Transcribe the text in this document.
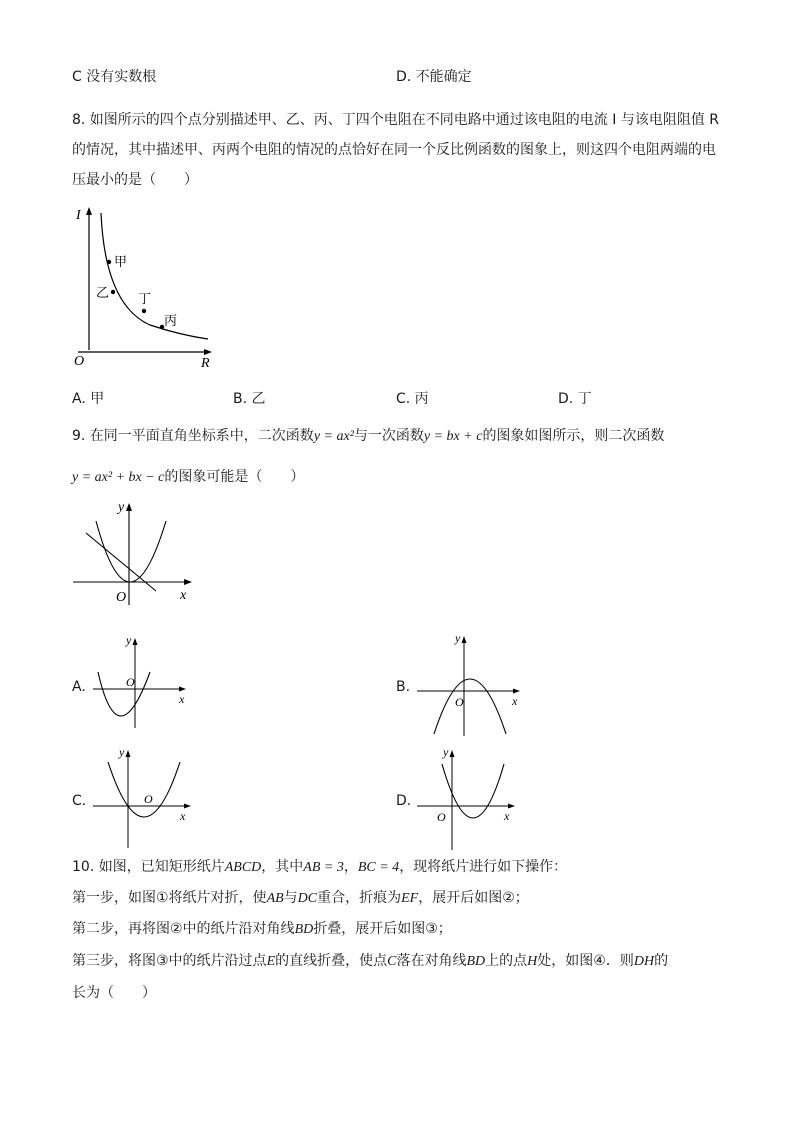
C 没有实数根	D. 不能确定
8. 如图所示的四个点分别描述甲、乙、丙、丁四个电阻在不同电路中通过该电阻的电流 I 与该电阻阻值 R
的情况，其中描述甲、丙两个电阻的情况的点恰好在同一个反比例函数的图象上，则这四个电阻两端的电
压最小的是（　　）
I
R
O
甲
乙 丁
丙
A. 甲	B. 乙	C. 丙	D. 丁
9. 在同一平面直角坐标系中，二次函数y = ax²与一次函数y = bx + c的图象如图所示，则二次函数
y = ax² + bx − c的图象可能是（　　）
y
x
O
A.
y
x
O	B.
y
x
O
C.
y
x
O	D.
y
x
O
10. 如图，已知矩形纸片ABCD，其中AB = 3，BC = 4，现将纸片进行如下操作：
第一步，如图①将纸片对折，使AB与DC重合，折痕为EF，展开后如图②；
第二步，再将图②中的纸片沿对角线BD折叠，展开后如图③；
第三步，将图③中的纸片沿过点E的直线折叠，使点C落在对角线BD上的点H处，如图④．则DH的
长为（　　）
